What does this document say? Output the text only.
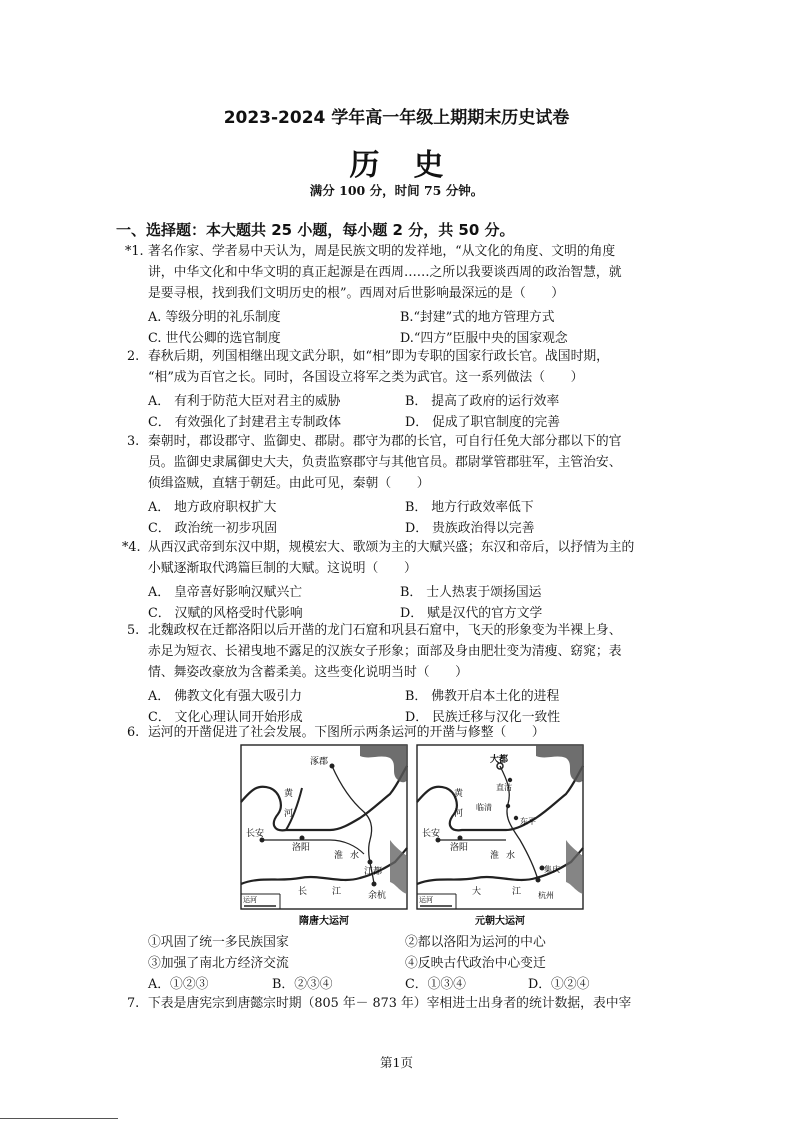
2023-2024 学年高一年级上期期末历史试卷
历史
满分 100 分，时间 75 分钟。
一、选择题：本大题共 25 小题，每小题 2 分，共 50 分。
*1. 著名作家、学者易中天认为，周是民族文明的发祥地，“从文化的角度、文明的角度
讲，中华文化和中华文明的真正起源是在西周……之所以我要谈西周的政治智慧，就
是要寻根，找到我们文明历史的根”。西周对后世影响最深远的是（　　）
A. 等级分明的礼乐制度	B.“封建”式的地方管理方式
C. 世代公卿的选官制度	D.“四方”臣服中央的国家观念
2. 春秋后期，列国相继出现文武分职，如“相”即为专职的国家行政长官。战国时期，
“相”成为百官之长。同时，各国设立将军之类为武官。这一系列做法（　　）
A． 有利于防范大臣对君主的威胁	B． 提高了政府的运行效率
C． 有效强化了封建君主专制政体	D． 促成了职官制度的完善
3. 秦朝时，郡设郡守、监御史、郡尉。郡守为郡的长官，可自行任免大部分郡以下的官
员。监御史隶属御史大夫，负责监察郡守与其他官员。郡尉掌管郡驻军，主管治安、
侦缉盗贼，直辖于朝廷。由此可见，秦朝（　　）
A． 地方政府职权扩大	B． 地方行政效率低下
C． 政治统一初步巩固	D． 贵族政治得以完善
*4. 从西汉武帝到东汉中期，规模宏大、歌颂为主的大赋兴盛；东汉和帝后，以抒情为主的
小赋逐渐取代鸿篇巨制的大赋。这说明（　　）
A． 皇帝喜好影响汉赋兴亡	B． 士人热衷于颂扬国运
C． 汉赋的风格受时代影响	D． 赋是汉代的官方文学
5. 北魏政权在迁都洛阳以后开凿的龙门石窟和巩县石窟中，飞天的形象变为半裸上身、
赤足为短衣、长裙曳地不露足的汉族女子形象；面部及身由肥壮变为清瘦、窈窕；表
情、舞姿改豪放为含蓄柔美。这些变化说明当时（　　）
A． 佛教文化有强大吸引力	B． 佛教开启本土化的进程
C． 文化心理认同开始形成	D． 民族迁移与汉化一致性
6. 运河的开凿促进了社会发展。下图所示两条运河的开凿与修整（　　）
涿郡
黄
河
长安
洛阳
淮 水
江都
长	江	余杭
运河
隋唐大运河
大都
直沽
黄
河
临清
东平
长安
洛阳
淮 水
集庆
大	江 杭州
运河
元朝大运河
①巩固了统一多民族国家	②都以洛阳为运河的中心
③加强了南北方经济交流	④反映古代政治中心变迁
A．①②③	B．②③④	C．①③④	D．①②④
7. 下表是唐宪宗到唐懿宗时期（805 年－ 873 年）宰相进士出身者的统计数据，表中宰
第1页
